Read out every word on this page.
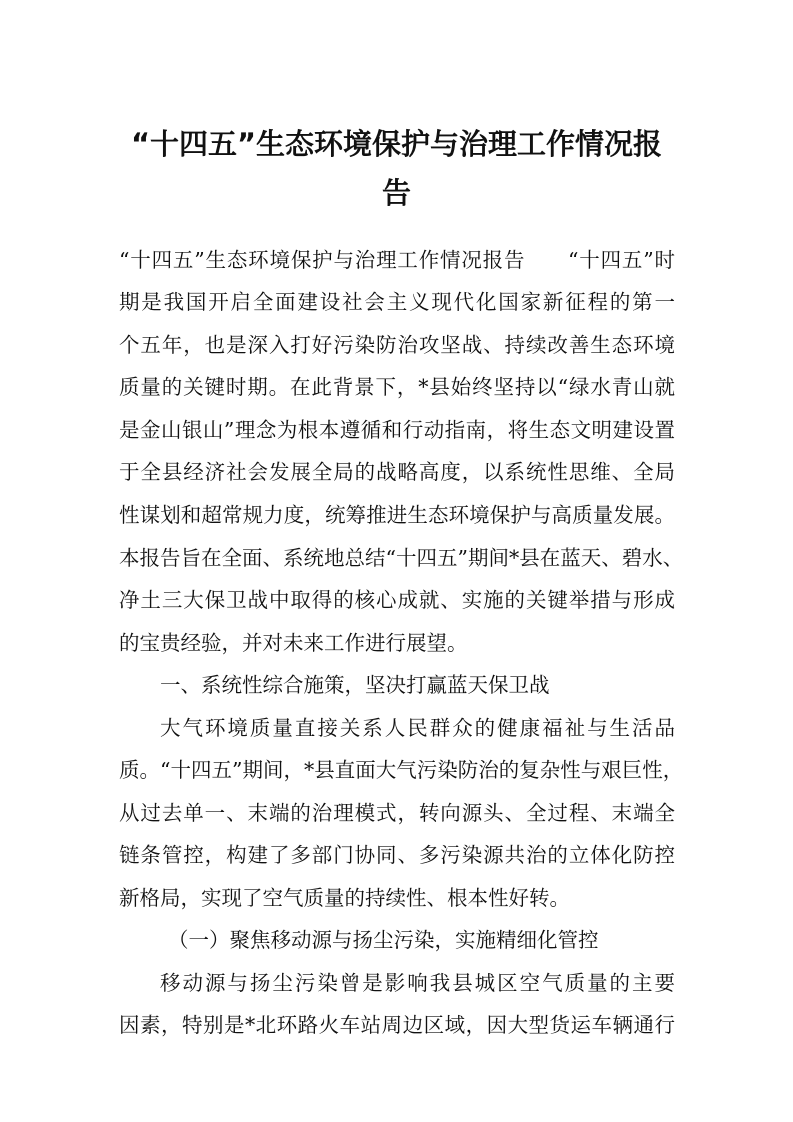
“十四五”生态环境保护与治理工作情况报
告

“十四五”生态环境保护与治理工作情况报告　　“十四五”时

期是我国开启全面建设社会主义现代化国家新征程的第一

个五年，也是深入打好污染防治攻坚战、持续改善生态环境

质量的关键时期。在此背景下，*县始终坚持以“绿水青山就

是金山银山”理念为根本遵循和行动指南，将生态文明建设置

于全县经济社会发展全局的战略高度，以系统性思维、全局

性谋划和超常规力度，统筹推进生态环境保护与高质量发展。

本报告旨在全面、系统地总结“十四五”期间*县在蓝天、碧水、

净土三大保卫战中取得的核心成就、实施的关键举措与形成

的宝贵经验，并对未来工作进行展望。

一、系统性综合施策，坚决打赢蓝天保卫战

大气环境质量直接关系人民群众的健康福祉与生活品

质。“十四五”期间，*县直面大气污染防治的复杂性与艰巨性，

从过去单一、末端的治理模式，转向源头、全过程、末端全

链条管控，构建了多部门协同、多污染源共治的立体化防控

新格局，实现了空气质量的持续性、根本性好转。

（一）聚焦移动源与扬尘污染，实施精细化管控

移动源与扬尘污染曾是影响我县城区空气质量的主要

因素，特别是*北环路火车站周边区域，因大型货运车辆通行
